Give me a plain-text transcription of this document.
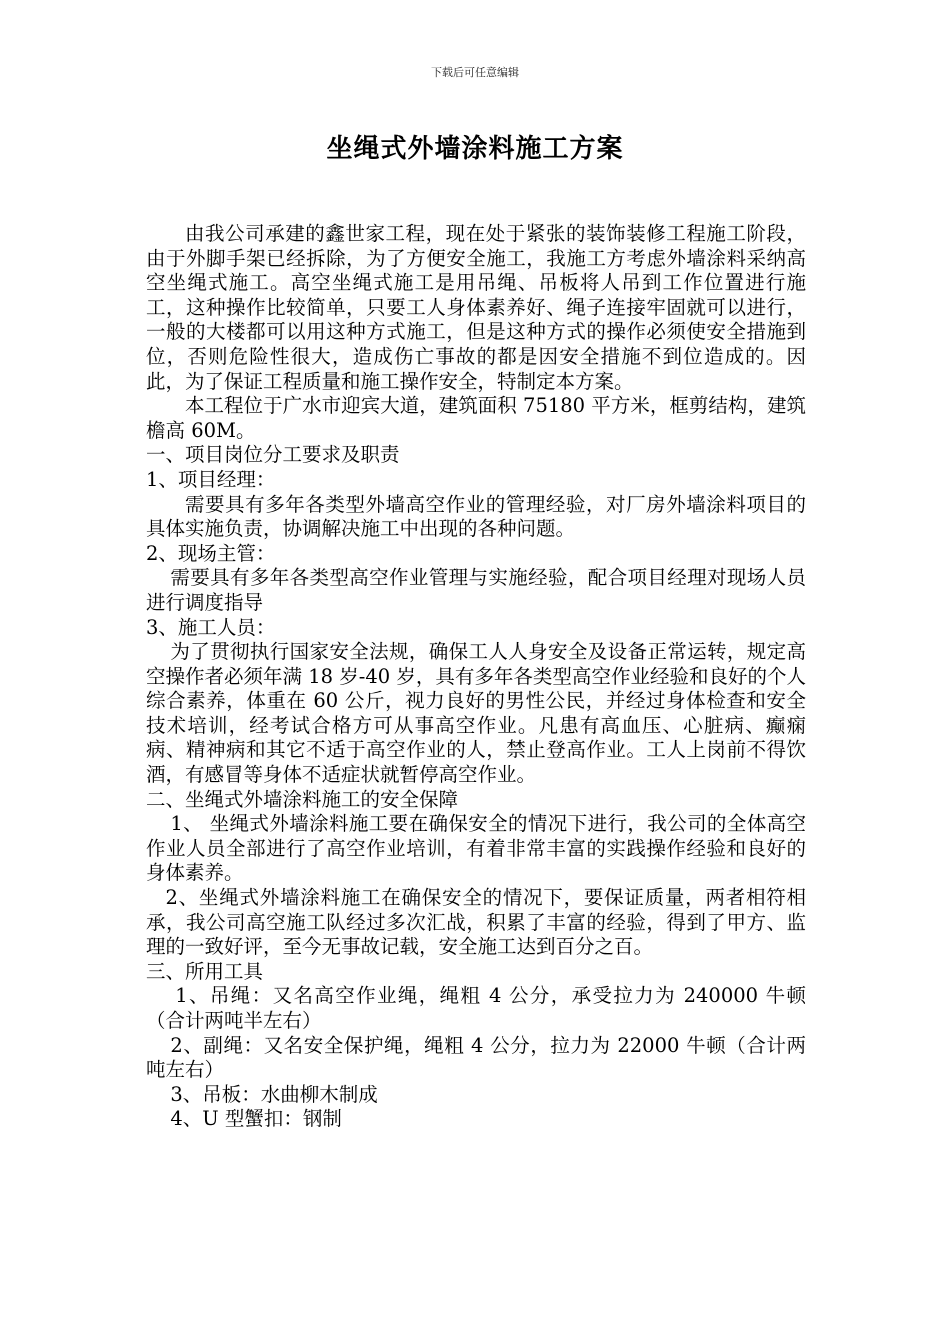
下载后可任意编辑
坐绳式外墙涂料施工方案

由我公司承建的鑫世家工程，现在处于紧张的装饰装修工程施工阶段，由于外脚手架已经拆除，为了方便安全施工，我施工方考虑外墙涂料采纳高空坐绳式施工。高空坐绳式施工是用吊绳、吊板将人吊到工作位置进行施工，这种操作比较简单，只要工人身体素养好、绳子连接牢固就可以进行，一般的大楼都可以用这种方式施工，但是这种方式的操作必须使安全措施到位，否则危险性很大，造成伤亡事故的都是因安全措施不到位造成的。因此，为了保证工程质量和施工操作安全，特制定本方案。

本工程位于广水市迎宾大道，建筑面积 75180 平方米，框剪结构，建筑檐高 60M。

一、项目岗位分工要求及职责

1、项目经理：

需要具有多年各类型外墙高空作业的管理经验，对厂房外墙涂料项目的具体实施负责，协调解决施工中出现的各种问题。

2、现场主管：

需要具有多年各类型高空作业管理与实施经验，配合项目经理对现场人员进行调度指导

3、施工人员：

为了贯彻执行国家安全法规，确保工人人身安全及设备正常运转，规定高空操作者必须年满 18 岁-40 岁，具有多年各类型高空作业经验和良好的个人综合素养，体重在 60 公斤，视力良好的男性公民，并经过身体检查和安全技术培训，经考试合格方可从事高空作业。凡患有高血压、心脏病、癫痫病、精神病和其它不适于高空作业的人，禁止登高作业。工人上岗前不得饮酒，有感冒等身体不适症状就暂停高空作业。

二、坐绳式外墙涂料施工的安全保障

1、 坐绳式外墙涂料施工要在确保安全的情况下进行，我公司的全体高空作业人员全部进行了高空作业培训，有着非常丰富的实践操作经验和良好的身体素养。

2、坐绳式外墙涂料施工在确保安全的情况下，要保证质量，两者相符相承，我公司高空施工队经过多次汇战，积累了丰富的经验，得到了甲方、监理的一致好评，至今无事故记载，安全施工达到百分之百。

三、所用工具

1、吊绳：又名高空作业绳，绳粗 4 公分，承受拉力为 240000 牛顿（合计两吨半左右）

2、副绳：又名安全保护绳，绳粗 4 公分，拉力为 22000 牛顿（合计两吨左右）

3、吊板：水曲柳木制成

4、U 型蟹扣：钢制
